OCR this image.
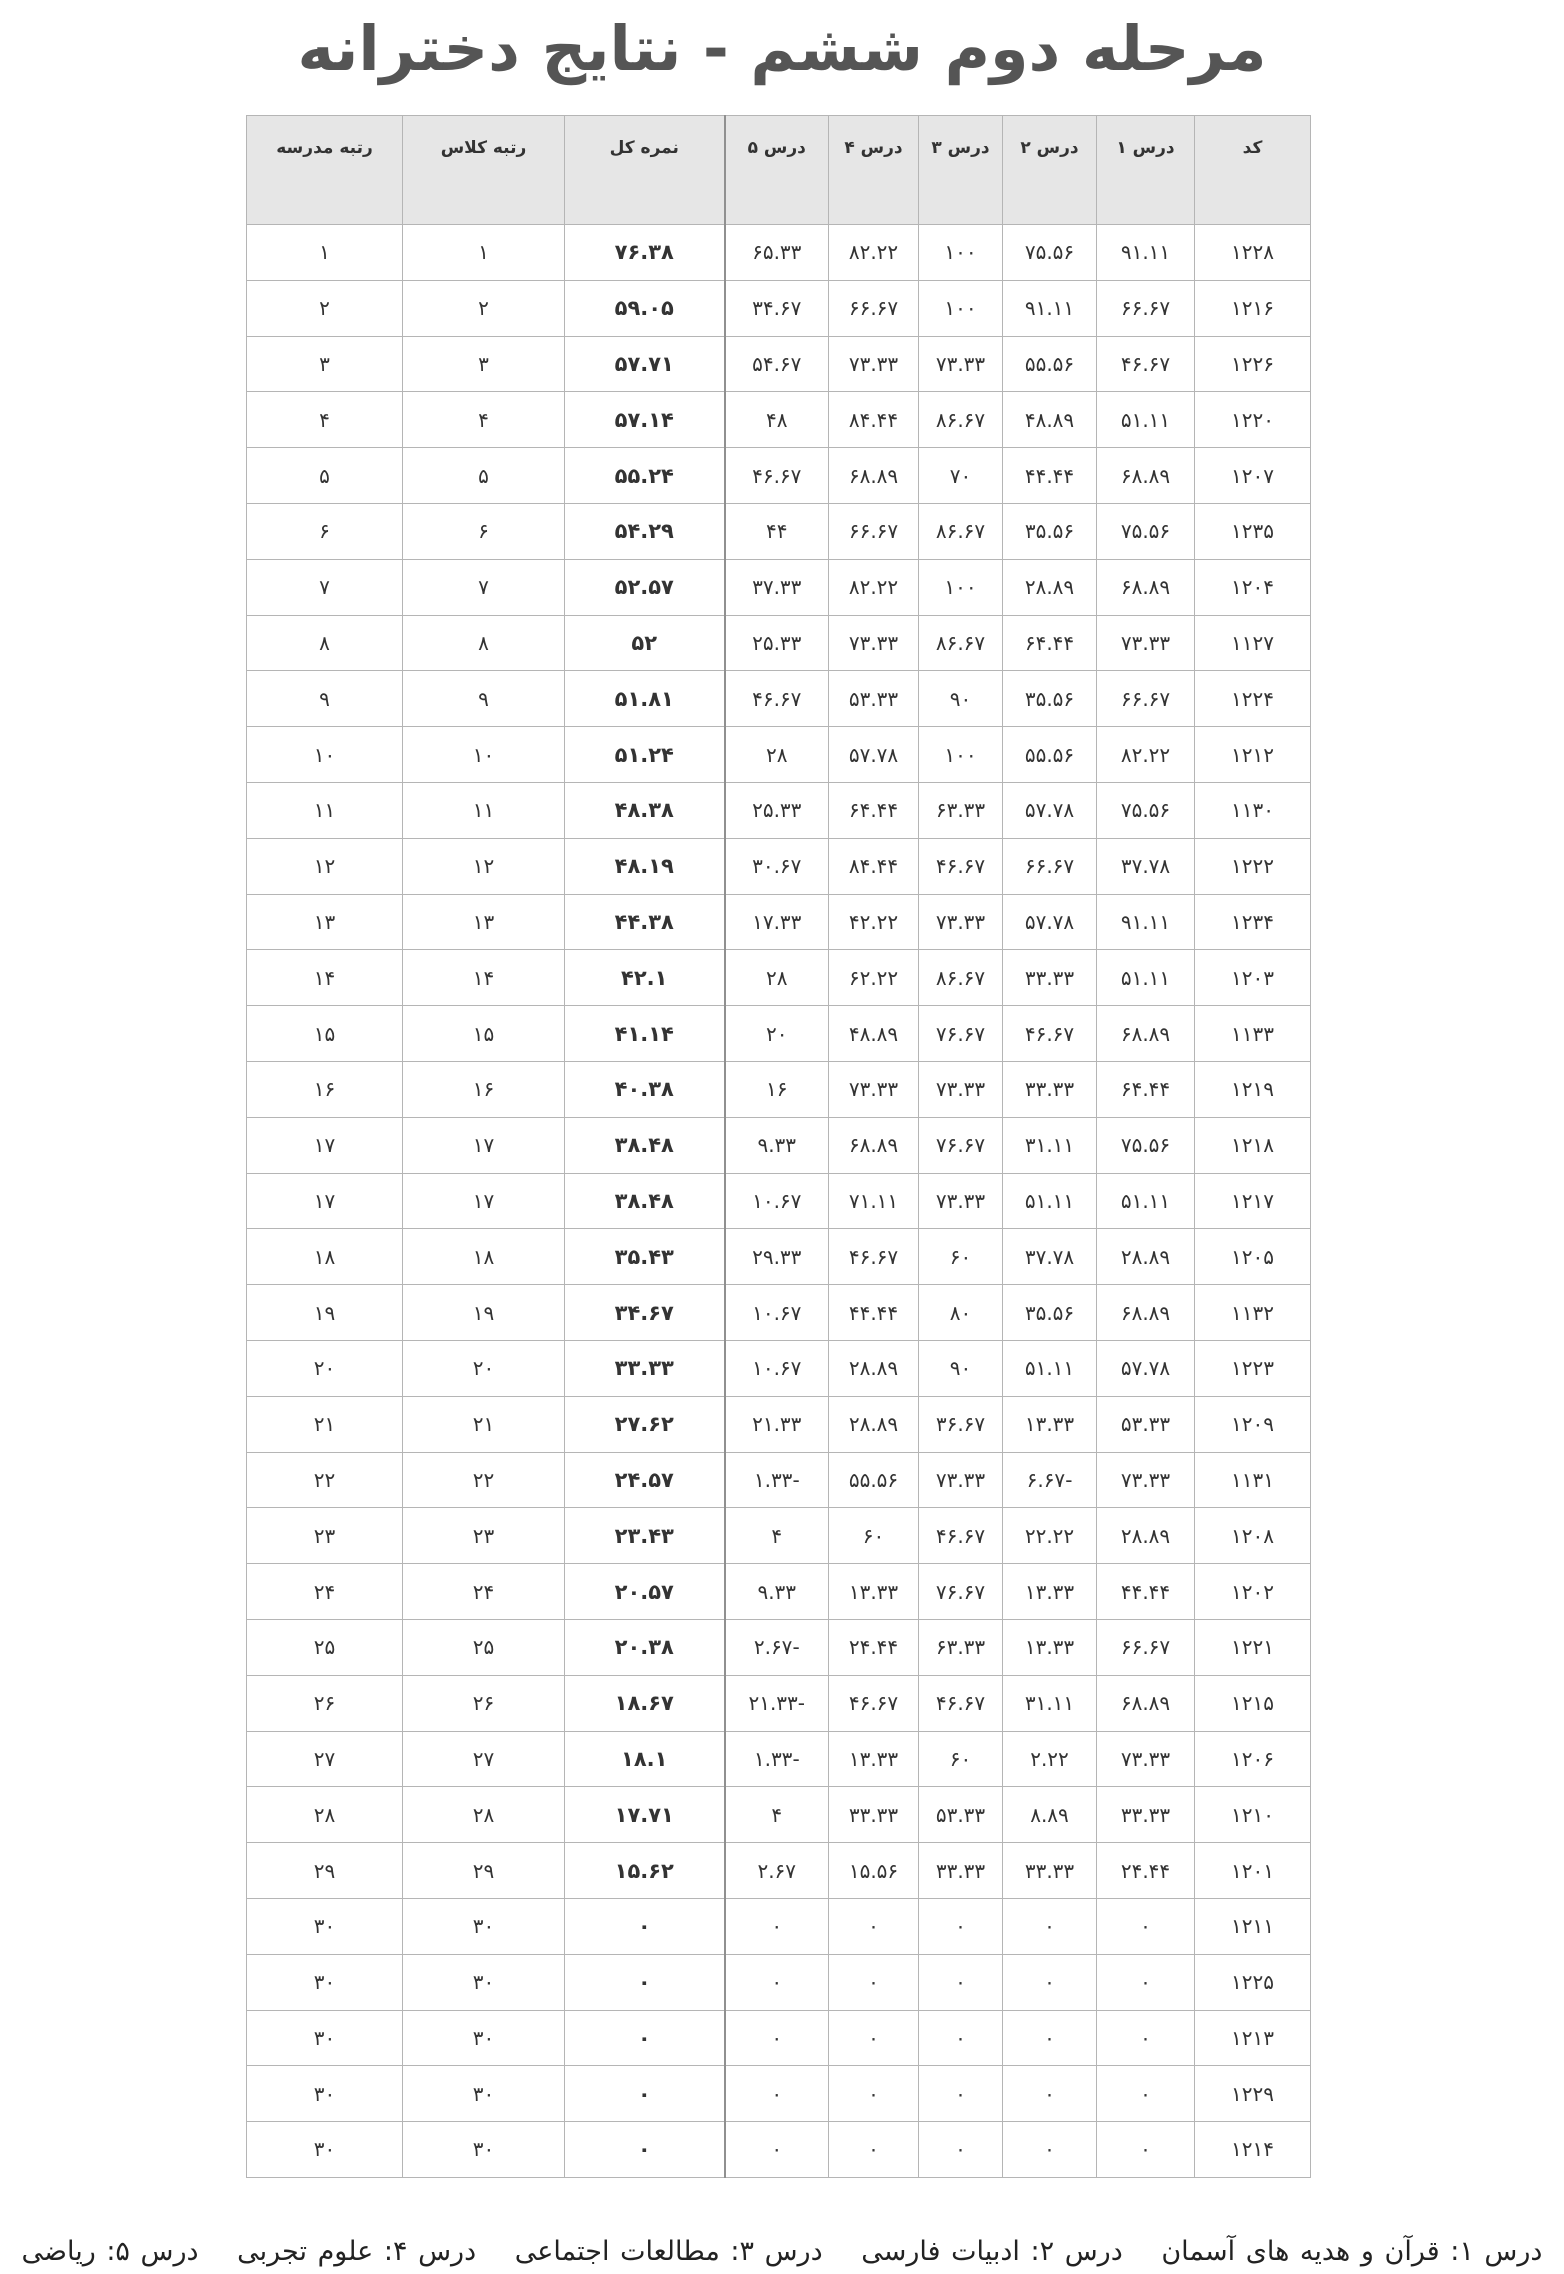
مرحله دوم ششم - نتایج دخترانه
کد	درس ۱	درس ۲	درس ۳	درس ۴	درس ۵	نمره کل	رتبه کلاس	رتبه مدرسه
۱۲۲۸	۹۱.۱۱	۷۵.۵۶	۱۰۰	۸۲.۲۲	۶۵.۳۳	۷۶.۳۸	۱	۱
۱۲۱۶	۶۶.۶۷	۹۱.۱۱	۱۰۰	۶۶.۶۷	۳۴.۶۷	۵۹.۰۵	۲	۲
۱۲۲۶	۴۶.۶۷	۵۵.۵۶	۷۳.۳۳	۷۳.۳۳	۵۴.۶۷	۵۷.۷۱	۳	۳
۱۲۲۰	۵۱.۱۱	۴۸.۸۹	۸۶.۶۷	۸۴.۴۴	۴۸	۵۷.۱۴	۴	۴
۱۲۰۷	۶۸.۸۹	۴۴.۴۴	۷۰	۶۸.۸۹	۴۶.۶۷	۵۵.۲۴	۵	۵
۱۲۳۵	۷۵.۵۶	۳۵.۵۶	۸۶.۶۷	۶۶.۶۷	۴۴	۵۴.۲۹	۶	۶
۱۲۰۴	۶۸.۸۹	۲۸.۸۹	۱۰۰	۸۲.۲۲	۳۷.۳۳	۵۲.۵۷	۷	۷
۱۱۲۷	۷۳.۳۳	۶۴.۴۴	۸۶.۶۷	۷۳.۳۳	۲۵.۳۳	۵۲	۸	۸
۱۲۲۴	۶۶.۶۷	۳۵.۵۶	۹۰	۵۳.۳۳	۴۶.۶۷	۵۱.۸۱	۹	۹
۱۲۱۲	۸۲.۲۲	۵۵.۵۶	۱۰۰	۵۷.۷۸	۲۸	۵۱.۲۴	۱۰	۱۰
۱۱۳۰	۷۵.۵۶	۵۷.۷۸	۶۳.۳۳	۶۴.۴۴	۲۵.۳۳	۴۸.۳۸	۱۱	۱۱
۱۲۲۲	۳۷.۷۸	۶۶.۶۷	۴۶.۶۷	۸۴.۴۴	۳۰.۶۷	۴۸.۱۹	۱۲	۱۲
۱۲۳۴	۹۱.۱۱	۵۷.۷۸	۷۳.۳۳	۴۲.۲۲	۱۷.۳۳	۴۴.۳۸	۱۳	۱۳
۱۲۰۳	۵۱.۱۱	۳۳.۳۳	۸۶.۶۷	۶۲.۲۲	۲۸	۴۲.۱	۱۴	۱۴
۱۱۳۳	۶۸.۸۹	۴۶.۶۷	۷۶.۶۷	۴۸.۸۹	۲۰	۴۱.۱۴	۱۵	۱۵
۱۲۱۹	۶۴.۴۴	۳۳.۳۳	۷۳.۳۳	۷۳.۳۳	۱۶	۴۰.۳۸	۱۶	۱۶
۱۲۱۸	۷۵.۵۶	۳۱.۱۱	۷۶.۶۷	۶۸.۸۹	۹.۳۳	۳۸.۴۸	۱۷	۱۷
۱۲۱۷	۵۱.۱۱	۵۱.۱۱	۷۳.۳۳	۷۱.۱۱	۱۰.۶۷	۳۸.۴۸	۱۷	۱۷
۱۲۰۵	۲۸.۸۹	۳۷.۷۸	۶۰	۴۶.۶۷	۲۹.۳۳	۳۵.۴۳	۱۸	۱۸
۱۱۳۲	۶۸.۸۹	۳۵.۵۶	۸۰	۴۴.۴۴	۱۰.۶۷	۳۴.۶۷	۱۹	۱۹
۱۲۲۳	۵۷.۷۸	۵۱.۱۱	۹۰	۲۸.۸۹	۱۰.۶۷	۳۳.۳۳	۲۰	۲۰
۱۲۰۹	۵۳.۳۳	۱۳.۳۳	۳۶.۶۷	۲۸.۸۹	۲۱.۳۳	۲۷.۶۲	۲۱	۲۱
۱۱۳۱	۷۳.۳۳	-۶.۶۷	۷۳.۳۳	۵۵.۵۶	-۱.۳۳	۲۴.۵۷	۲۲	۲۲
۱۲۰۸	۲۸.۸۹	۲۲.۲۲	۴۶.۶۷	۶۰	۴	۲۳.۴۳	۲۳	۲۳
۱۲۰۲	۴۴.۴۴	۱۳.۳۳	۷۶.۶۷	۱۳.۳۳	۹.۳۳	۲۰.۵۷	۲۴	۲۴
۱۲۲۱	۶۶.۶۷	۱۳.۳۳	۶۳.۳۳	۲۴.۴۴	-۲.۶۷	۲۰.۳۸	۲۵	۲۵
۱۲۱۵	۶۸.۸۹	۳۱.۱۱	۴۶.۶۷	۴۶.۶۷	-۲۱.۳۳	۱۸.۶۷	۲۶	۲۶
۱۲۰۶	۷۳.۳۳	۲.۲۲	۶۰	۱۳.۳۳	-۱.۳۳	۱۸.۱	۲۷	۲۷
۱۲۱۰	۳۳.۳۳	۸.۸۹	۵۳.۳۳	۳۳.۳۳	۴	۱۷.۷۱	۲۸	۲۸
۱۲۰۱	۲۴.۴۴	۳۳.۳۳	۳۳.۳۳	۱۵.۵۶	۲.۶۷	۱۵.۶۲	۲۹	۲۹
۱۲۱۱	۰	۰	۰	۰	۰	۰	۳۰	۳۰
۱۲۲۵	۰	۰	۰	۰	۰	۰	۳۰	۳۰
۱۲۱۳	۰	۰	۰	۰	۰	۰	۳۰	۳۰
۱۲۲۹	۰	۰	۰	۰	۰	۰	۳۰	۳۰
۱۲۱۴	۰	۰	۰	۰	۰	۰	۳۰	۳۰
درس ۱: قرآن و هدیه های آسمان درس ۲: ادبیات فارسی درس ۳: مطالعات اجتماعی درس ۴: علوم تجربی درس ۵: ریاضی
